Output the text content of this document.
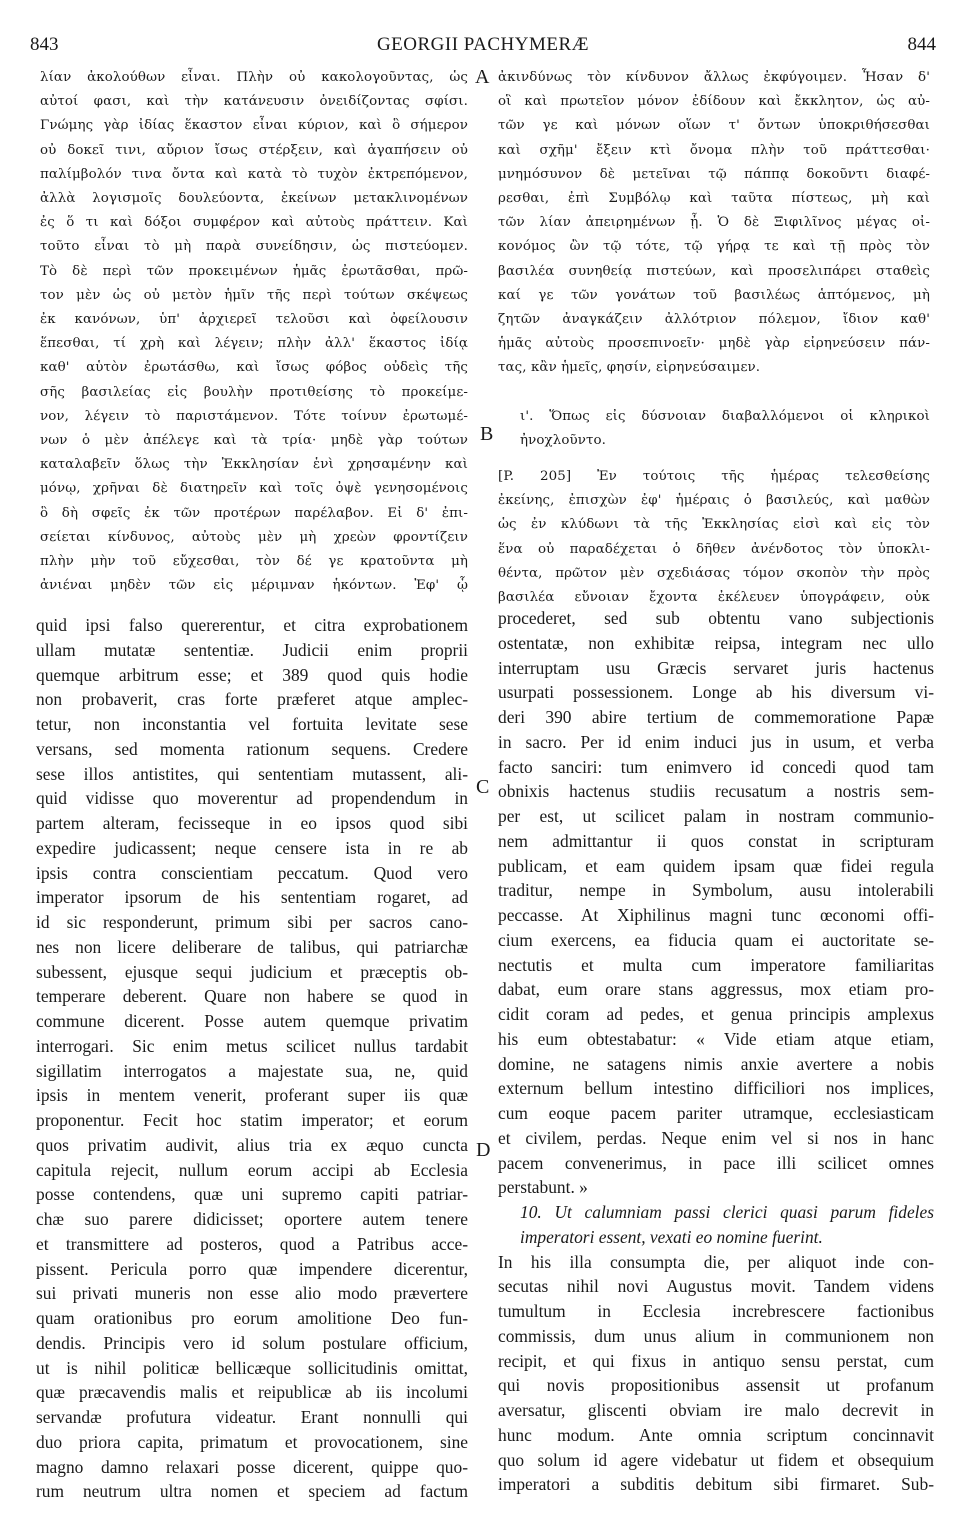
843	GEORGII PACHYMERÆ	844
A
B
C
D
λίαν ἀκολούθων εἶναι. Πλὴν οὐ κακολογοῦντας, ὡς
αὐτοί φασι, καὶ τὴν κατάνευσιν ὀνειδίζοντας σφίσι.
Γνώμης γὰρ ἰδίας ἕκαστον εἶναι κύριον, καὶ ὃ σήμερον
οὐ δοκεῖ τινι, αὔριον ἴσως στέρξειν, καὶ ἀγαπήσειν οὐ
παλίμβολόν τινα ὄντα καὶ κατὰ τὸ τυχὸν ἐκτρεπόμενον,
ἀλλὰ λογισμοῖς δουλεύοντα, ἐκείνων μετακλινομένων
ἐς ὅ τι καὶ δόξοι συμφέρον καὶ αὐτοὺς πράττειν. Καὶ
τοῦτο εἶναι τὸ μὴ παρὰ συνείδησιν, ὡς πιστεύομεν.
Τὸ δὲ περὶ τῶν προκειμένων ἡμᾶς ἐρωτᾶσθαι, πρῶ-
τον μὲν ὡς οὐ μετὸν ἡμῖν τῆς περὶ τούτων σκέψεως
ἐκ κανόνων, ὑπ' ἀρχιερεῖ τελοῦσι καὶ ὀφείλουσιν
ἕπεσθαι, τί χρὴ καὶ λέγειν; πλὴν ἀλλ' ἕκαστος ἰδίᾳ
καθ' αὑτὸν ἐρωτάσθω, καὶ ἴσως φόβος οὐδεὶς τῆς
σῆς βασιλείας εἰς βουλὴν προτιθείσης τὸ προκείμε-
νον, λέγειν τὸ παριστάμενον. Τότε τοίνυν ἐρωτωμέ-
νων ὁ μὲν ἀπέλεγε καὶ τὰ τρία· μηδὲ γὰρ τούτων
καταλαβεῖν ὅλως τὴν Ἐκκλησίαν ἑνὶ χρησαμένην καὶ
μόνῳ, χρῆναι δὲ διατηρεῖν καὶ τοῖς ὀψὲ γενησομένοις
ὃ δὴ σφεῖς ἐκ τῶν προτέρων παρέλαβον. Εἰ δ' ἐπι-
σείεται κίνδυνος, αὐτοὺς μὲν μὴ χρεὼν φροντίζειν
πλὴν μὴν τοῦ εὔχεσθαι, τὸν δέ γε κρατοῦντα μὴ
ἀνιέναι μηδὲν τῶν εἰς μέριμναν ἡκόντων. Ἐφ' ᾧ
ἀκινδύνως τὸν κίνδυνον ἄλλως ἐκφύγοιμεν. Ἦσαν δ'
οἳ καὶ πρωτεῖον μόνον ἐδίδουν καὶ ἔκκλητον, ὡς αὐ-
τῶν γε καὶ μόνων οἵων τ' ὄντων ὑποκριθήσεσθαι
καὶ σχῆμ' ἔξειν κτὶ ὄνομα πλὴν τοῦ πράττεσθαι·
μνημόσυνον δὲ μετεῖναι τῷ πάππᾳ δοκοῦντι διαφέ-
ρεσθαι, ἐπὶ Συμβόλῳ καὶ ταῦτα πίστεως, μὴ καὶ
τῶν λίαν ἀπειρημένων ᾖ. Ὁ δὲ Ξιφιλῖνος μέγας οἰ-
κονόμος ὢν τῷ τότε, τῷ γήρᾳ τε καὶ τῇ πρὸς τὸν
βασιλέα συνηθείᾳ πιστεύων, καὶ προσελιπάρει σταθεὶς
καί γε τῶν γονάτων τοῦ βασιλέως ἁπτόμενος, μὴ
ζητῶν ἀναγκάζειν ἀλλότριον πόλεμον, ἴδιον καθ'
ἡμᾶς αὐτοὺς προσεπινοεῖν· μηδὲ γὰρ εἰρηνεύσειν πάν-
τας, κἂν ἡμεῖς, φησίν, εἰρηνεύσαιμεν.
ι'. Ὅπως εἰς δύσνοιαν διαβαλλόμενοι οἱ κληρικοὶ
ἠνοχλοῦντο.
[P. 205] Ἐν τούτοις τῆς ἡμέρας τελεσθείσης
ἐκείνης, ἐπισχὼν ἐφ' ἡμέραις ὁ βασιλεύς, καὶ μαθὼν
ὡς ἐν κλύδωνι τὰ τῆς Ἐκκλησίας εἰσὶ καὶ εἰς τὸν
ἕνα οὐ παραδέχεται ὁ δῆθεν ἀνένδοτος τὸν ὑποκλι-
θέντα, πρῶτον μὲν σχεδιάσας τόμον σκοπὸν τὴν πρὸς
βασιλέα εὔνοιαν ἔχοντα ἐκέλευεν ὑπογράφειν, οὐκ
quid ipsi falso quererentur, et citra exprobationem
ullam mutatæ sententiæ. Judicii enim proprii
quemque arbitrum esse; et 389 quod quis hodie
non probaverit, cras forte præferet atque amplec-
tetur, non inconstantia vel fortuita levitate sese
versans, sed momenta rationum sequens. Credere
sese illos antistites, qui sententiam mutassent, ali-
quid vidisse quo moverentur ad propendendum in
partem alteram, fecisseque in eo ipsos quod sibi
expedire judicassent; neque censere ista in re ab
ipsis contra conscientiam peccatum. Quod vero
imperator ipsorum de his sententiam rogaret, ad
id sic responderunt, primum sibi per sacros cano-
nes non licere deliberare de talibus, qui patriarchæ
subessent, ejusque sequi judicium et præceptis ob-
temperare deberent. Quare non habere se quod in
commune dicerent. Posse autem quemque privatim
interrogari. Sic enim metus scilicet nullus tardabit
sigillatim interrogatos a majestate sua, ne, quid
ipsis in mentem venerit, proferant super iis quæ
proponentur. Fecit hoc statim imperator; et eorum
quos privatim audivit, alius tria ex æquo cuncta
capitula rejecit, nullum eorum accipi ab Ecclesia
posse contendens, quæ uni supremo capiti patriar-
chæ suo parere didicisset; oportere autem tenere
et transmittere ad posteros, quod a Patribus acce-
pissent. Pericula porro quæ impendere dicerentur,
sui privati muneris non esse alio modo prævertere
quam orationibus pro eorum amolitione Deo fun-
dendis. Principis vero id solum postulare officium,
ut is nihil politicæ bellicæque sollicitudinis omittat,
quæ præcavendis malis et reipublicæ ab iis incolumi
servandæ profutura videatur. Erant nonnulli qui
duo priora capita, primatum et provocationem, sine
magno damno relaxari posse dicerent, quippe quo-
rum neutrum ultra nomen et speciem ad factum
procederet, sed sub obtentu vano subjectionis
ostentatæ, non exhibitæ reipsa, integram nec ullo
interruptam usu Græcis servaret juris hactenus
usurpati possessionem. Longe ab his diversum vi-
deri 390 abire tertium de commemoratione Papæ
in sacro. Per id enim induci jus in usum, et verba
facto sanciri: tum enimvero id concedi quod tam
obnixis hactenus studiis recusatum a nostris sem-
per est, ut scilicet palam in nostram communio-
nem admittantur ii quos constat in scripturam
publicam, et eam quidem ipsam quæ fidei regula
traditur, nempe in Symbolum, ausu intolerabili
peccasse. At Xiphilinus magni tunc œconomi offi-
cium exercens, ea fiducia quam ei auctoritate se-
nectutis et multa cum imperatore familiaritas
dabat, eum orare stans aggressus, mox etiam pro-
cidit coram ad pedes, et genua principis amplexus
his eum obtestabatur: « Vide etiam atque etiam,
domine, ne satagens nimis anxie avertere a nobis
externum bellum intestino difficiliori nos implices,
cum eoque pacem pariter utramque, ecclesiasticam
et civilem, perdas. Neque enim vel si nos in hanc
pacem convenerimus, in pace illi scilicet omnes
perstabunt. »
10. Ut calumniam passi clerici quasi parum fideles
imperatori essent, vexati eo nomine fuerint.
In his illa consumpta die, per aliquot inde con-
secutas nihil novi Augustus movit. Tandem videns
tumultum in Ecclesia increbrescere factionibus
commissis, dum unus alium in communionem non
recipit, et qui fixus in antiquo sensu perstat, cum
qui novis propositionibus assensit ut profanum
aversatur, gliscenti obviam ire malo decrevit in
hunc modum. Ante omnia scriptum concinnavit
quo solum id agere videbatur ut fidem et obsequium
imperatori a subditis debitum sibi firmaret. Sub-
